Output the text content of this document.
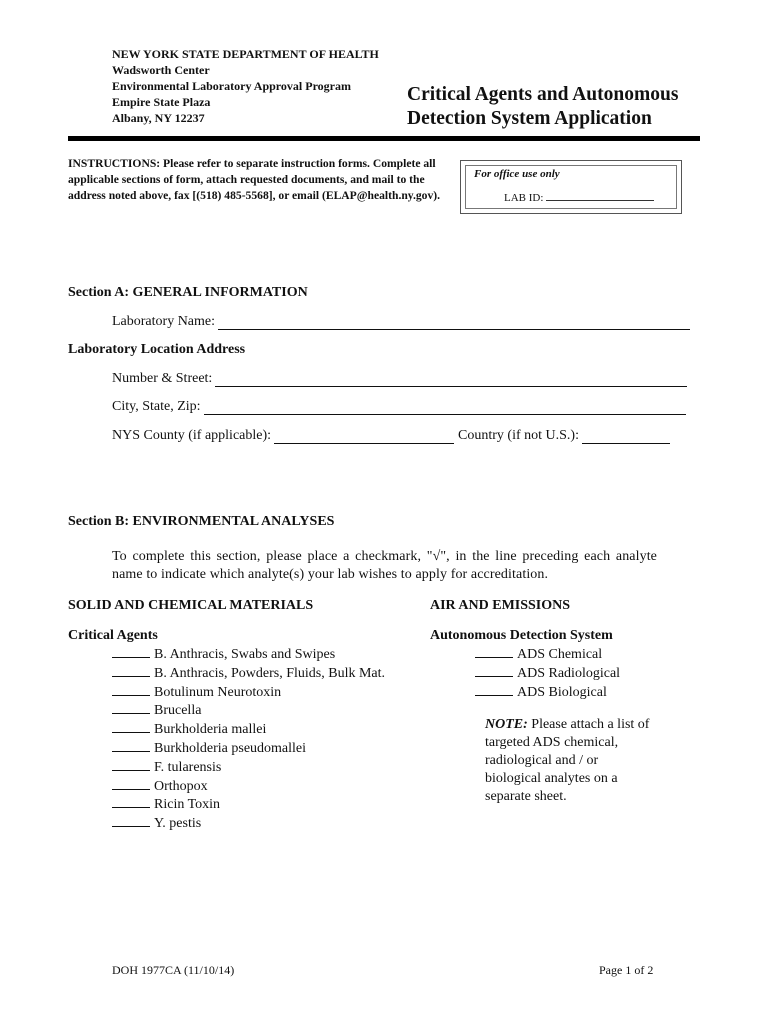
NEW YORK STATE DEPARTMENT OF HEALTH
Wadsworth Center
Environmental Laboratory Approval Program
Empire State Plaza
Albany, NY 12237
Critical Agents and Autonomous
Detection System Application
INSTRUCTIONS: Please refer to separate instruction forms. Complete all applicable sections of form, attach requested documents, and mail to the address noted above, fax [(518) 485-5568], or email (ELAP@health.ny.gov).
For office use only
LAB ID:
Section A: GENERAL INFORMATION
Laboratory Name:
Laboratory Location Address
Number & Street:
City, State, Zip:
NYS County (if applicable):	Country (if not U.S.):
Section B: ENVIRONMENTAL ANALYSES
To complete this section, please place a checkmark, "√", in the line preceding each analyte name to indicate which analyte(s) your lab wishes to apply for accreditation.
SOLID AND CHEMICAL MATERIALS	AIR AND EMISSIONS
Critical Agents	Autonomous Detection System
B. Anthracis, Swabs and Swipes
B. Anthracis, Powders, Fluids, Bulk Mat.
Botulinum Neurotoxin
Brucella
Burkholderia mallei
Burkholderia pseudomallei
F. tularensis
Orthopox
Ricin Toxin
Y. pestis
ADS Chemical
ADS Radiological
ADS Biological
NOTE: Please attach a list of targeted ADS chemical, radiological and / or biological analytes on a separate sheet.
DOH 1977CA (11/10/14)	Page 1 of 2
